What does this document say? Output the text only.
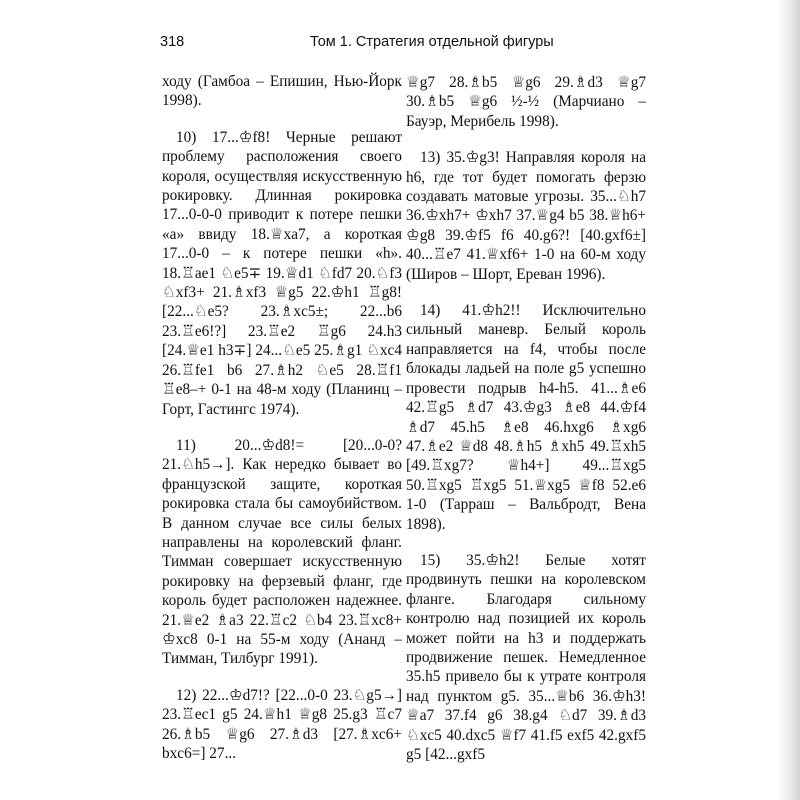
318	Том 1. Стратегия отдельной фигуры

ходу (Гамбоа – Епишин, Нью-Йорк 1998).

10) 17...♔f8! Черные решают проблему расположения своего короля, осуществляя искусственную рокировку. Длинная рокировка 17...0-0-0 приводит к потере пешки «а» ввиду 18.♕xa7, а короткая 17...0-0 – к потере пешки «h». 18.♖ae1 ♘e5∓ 19.♕d1 ♘fd7 20.♘f3 ♘xf3+ 21.♗xf3 ♕g5 22.♔h1 ♖g8! [22...♘e5? 23.♗xc5±; 22...b6 23.♖e6!?] 23.♖e2 ♖g6 24.h3 [24.♕e1 h3∓] 24...♘e5 25.♗g1 ♘xc4 26.♖fe1 b6 27.♗h2 ♘e5 28.♖f1 ♖e8–+ 0-1 на 48-м ходу (Планинц – Горт, Гастингс 1974).

11) 20...♔d8!= [20...0-0? 21.♘h5→]. Как нередко бывает во французской защите, короткая рокировка стала бы самоубийством. В данном случае все силы белых направлены на королевский фланг. Тимман совершает искусственную рокировку на ферзевый фланг, где король будет расположен надежнее. 21.♕e2 ♗a3 22.♖c2 ♘b4 23.♖xc8+ ♔xc8 0-1 на 55-м ходу (Ананд – Тимман, Тилбург 1991).

12) 22...♔d7!? [22...0-0 23.♘g5→] 23.♖ec1 g5 24.♕h1 ♕g8 25.g3 ♖c7 26.♗b5 ♕g6 27.♗d3 [27.♗xc6+ bxc6=] 27...

♕g7 28.♗b5 ♕g6 29.♗d3 ♕g7 30.♗b5 ♕g6 ½-½ (Марчиано – Бауэр, Мерибель 1998).

13) 35.♔g3! Направляя короля на h6, где тот будет помогать ферзю создавать матовые угрозы. 35...♘h7 36.♔xh7+ ♔xh7 37.♕g4 b5 38.♕h6+ ♔g8 39.♔f5 f6 40.g6?! [40.gxf6±] 40...♖e7 41.♕xf6+ 1-0 на 60-м ходу (Широв – Шорт, Ереван 1996).

14) 41.♔h2!! Исключительно сильный маневр. Белый король направляется на f4, чтобы после блокады ладьей на поле g5 успешно провести подрыв h4-h5. 41...♗e6 42.♖g5 ♗d7 43.♔g3 ♗e8 44.♔f4 ♗d7 45.h5 ♗e8 46.hxg6 ♗xg6 47.♗e2 ♕d8 48.♗h5 ♗xh5 49.♖xh5 [49.♖xg7? ♕h4+] 49...♖xg5 50.♖xg5 ♖xg5 51.♕xg5 ♕f8 52.e6 1-0 (Тарраш – Вальбродт, Вена 1898).

15) 35.♔h2! Белые хотят продвинуть пешки на королевском фланге. Благодаря сильному контролю над позицией их король может пойти на h3 и поддержать продвижение пешек. Немедленное 35.h5 привело бы к утрате контроля над пунктом g5. 35...♕b6 36.♔h3! ♕a7 37.f4 g6 38.g4 ♘d7 39.♗d3 ♘xc5 40.dxc5 ♕f7 41.f5 exf5 42.gxf5 g5 [42...gxf5
